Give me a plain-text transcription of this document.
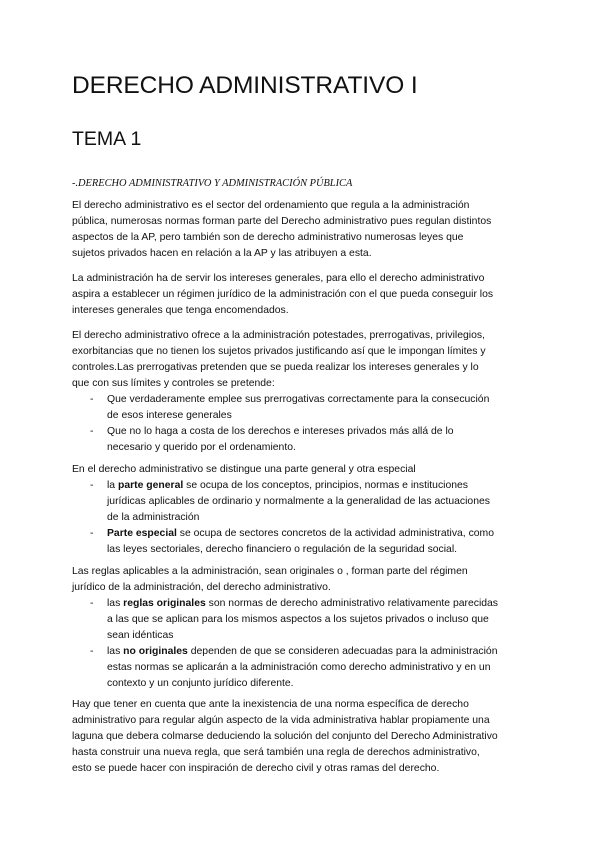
DERECHO ADMINISTRATIVO I
TEMA 1
-.DERECHO ADMINISTRATIVO Y ADMINISTRACIÓN PÚBLICA

El derecho administrativo es el sector del ordenamiento que regula a la administración
pública, numerosas normas forman parte del Derecho administrativo pues regulan distintos
aspectos de la AP, pero también son de derecho administrativo numerosas leyes que
sujetos privados hacen en relación a la AP y las atribuyen a esta.

La administración ha de servir los intereses generales, para ello el derecho administrativo
aspira a establecer un régimen jurídico de la administración con el que pueda conseguir los
intereses generales que tenga encomendados.

El derecho administrativo ofrece a la administración potestades, prerrogativas, privilegios,
exorbitancias que no tienen los sujetos privados justificando así que le impongan límites y
controles.Las prerrogativas pretenden que se pueda realizar los intereses generales y lo
que con sus límites y controles se pretende:

- Que verdaderamente emplee sus prerrogativas correctamente para la consecución
de esos interese generales
- Que no lo haga a costa de los derechos e intereses privados más allá de lo
necesario y querido por el ordenamiento.

En el derecho administrativo se distingue una parte general y otra especial

- la parte general se ocupa de los conceptos, principios, normas e instituciones
jurídicas aplicables de ordinario y normalmente a la generalidad de las actuaciones
de la administración
- Parte especial se ocupa de sectores concretos de la actividad administrativa, como
las leyes sectoriales, derecho financiero o regulación de la seguridad social.

Las reglas aplicables a la administración, sean originales o , forman parte del régimen
jurídico de la administración, del derecho administrativo.

- las reglas originales son normas de derecho administrativo relativamente parecidas
a las que se aplican para los mismos aspectos a los sujetos privados o incluso que
sean idénticas
- las no originales dependen de que se consideren adecuadas para la administración
estas normas se aplicarán a la administración como derecho administrativo y en un
contexto y un conjunto jurídico diferente.

Hay que tener en cuenta que ante la inexistencia de una norma específica de derecho
administrativo para regular algún aspecto de la vida administrativa hablar propiamente una
laguna que debera colmarse deduciendo la solución del conjunto del Derecho Administrativo
hasta construir una nueva regla, que será también una regla de derechos administrativo,
esto se puede hacer con inspiración de derecho civil y otras ramas del derecho.
